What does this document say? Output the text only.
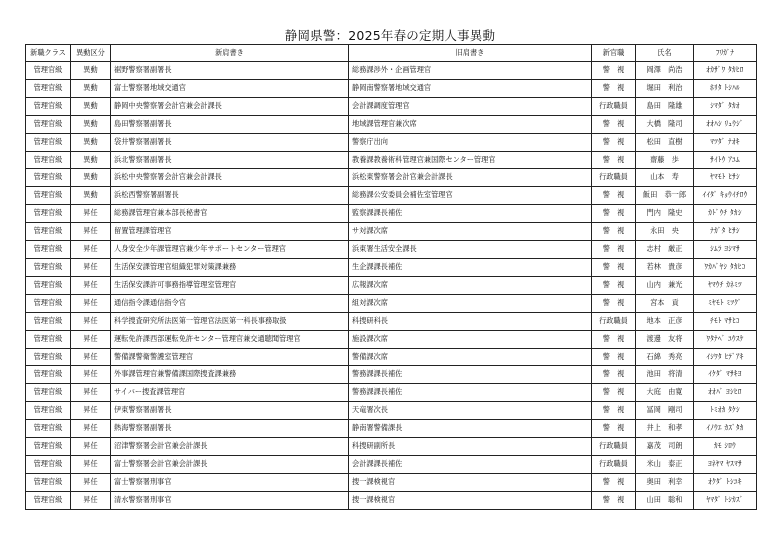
静岡県警：2025年春の定期人事異動
新職クラス	異動区分	新肩書き	旧肩書き	新官職	氏名	ﾌﾘｶﾞﾅ
管理官級	異動	裾野警察署副署長	総務課渉外・企画管理官	警　視	岡澤　尚浩	ｵｶｻﾞﾜ ﾀｶﾋﾛ
管理官級	異動	富士警察署地域交通官	静岡南警察署地域交通官	警　視	堀田　利治	ﾎﾘﾀ ﾄｼﾊﾙ
管理官級	異動	静岡中央警察署会計官兼会計課長	会計課調度管理官	行政職員	島田　隆雄	ｼﾏﾀﾞ ﾀｶｵ
管理官級	異動	島田警察署副署長	地域課管理官兼次席	警　視	大橋　隆司	ｵｵﾊｼ ﾘｭｳｼﾞ
管理官級	異動	袋井警察署副署長	警察庁出向	警　視	松田　直樹	ﾏﾂﾀﾞ ﾅｵｷ
管理官級	異動	浜北警察署副署長	教養課教養術科管理官兼国際センター管理官	警　視	齋藤　歩	ｻｲﾄｳ ｱﾕﾑ
管理官級	異動	浜松中央警察署会計官兼会計課長	浜松東警察署会計官兼会計課長	行政職員	山本　寿	ﾔﾏﾓﾄ ﾋｻｼ
管理官級	異動	浜松西警察署副署長	総務課公安委員会補佐室管理官	警　視	飯田　恭一郎	ｲｲﾀﾞ ｷｮｳｲﾁﾛｳ
管理官級	昇任	総務課管理官兼本部長秘書官	監察課課長補佐	警　視	門内　隆史	ｶﾄﾞｳﾁ ﾀｶｼ
管理官級	昇任	留置管理課管理官	サ対課次席	警　視	永田　央	ﾅｶﾞﾀ ﾋｻｼ
管理官級	昇任	人身安全少年課管理官兼少年サポートセンター管理官	浜東署生活安全課長	警　視	志村　厳正	ｼﾑﾗ ﾖｼﾏｻ
管理官級	昇任	生活保安課管理官組織犯罪対策課兼務	生企課課長補佐	警　視	若林　貴彦	ﾜｶﾊﾞﾔｼ ﾀｶﾋｺ
管理官級	昇任	生活保安課許可事務指導管理室管理官	広報課次席	警　視	山内　兼光	ﾔﾏｳﾁ ｶﾈﾐﾂ
管理官級	昇任	通信指令課通信指令官	組対課次席	警　視	宮本　貢	ﾐﾔﾓﾄ ﾐﾂｸﾞ
管理官級	昇任	科学捜査研究所法医第一管理官法医第一科長事務取扱	科捜研科長	行政職員	地本　正彦	ﾁﾓﾄ ﾏｻﾋｺ
管理官級	昇任	運転免許課西部運転免許センター管理官兼交通聴聞管理官	施設課次席	警　視	渡邊　友将	ﾜﾀﾅﾍﾞ ﾕｳｽｹ
管理官級	昇任	警備課警衛警護室管理官	警備課次席	警　視	石綿　秀亮	ｲｼﾜﾀ ﾋﾃﾞｱｷ
管理官級	昇任	外事課管理官兼警備課国際捜査課兼務	警務課課長補佐	警　視	池田　将清	ｲｹﾀﾞ ﾏｻｷﾖ
管理官級	昇任	サイバー捜査課管理官	警務課課長補佐	警　視	大庭　由寛	ｵｵﾊﾞ ﾖｼﾋﾛ
管理官級	昇任	伊東警察署副署長	天竜署次長	警　視	冨岡　剛司	ﾄﾐｵｶ ﾀｹｼ
管理官級	昇任	熱海警察署副署長	静南署警備課長	警　視	井上　和孝	ｲﾉｳｴ ｶｽﾞﾀｶ
管理官級	昇任	沼津警察署会計官兼会計課長	科捜研副所長	行政職員	嘉茂　司朗	ｶﾓ ｼﾛｳ
管理官級	昇任	富士警察署会計官兼会計課長	会計課課長補佐	行政職員	米山　泰正	ﾖﾈﾔﾏ ﾔｽﾏｻ
管理官級	昇任	富士警察署刑事官	捜一課検視官	警　視	奥田　利幸	ｵｸﾀﾞ ﾄｼﾕｷ
管理官級	昇任	清水警察署刑事官	捜一課検視官	警　視	山田　聡和	ﾔﾏﾀﾞ ﾄｼｶｽﾞ
